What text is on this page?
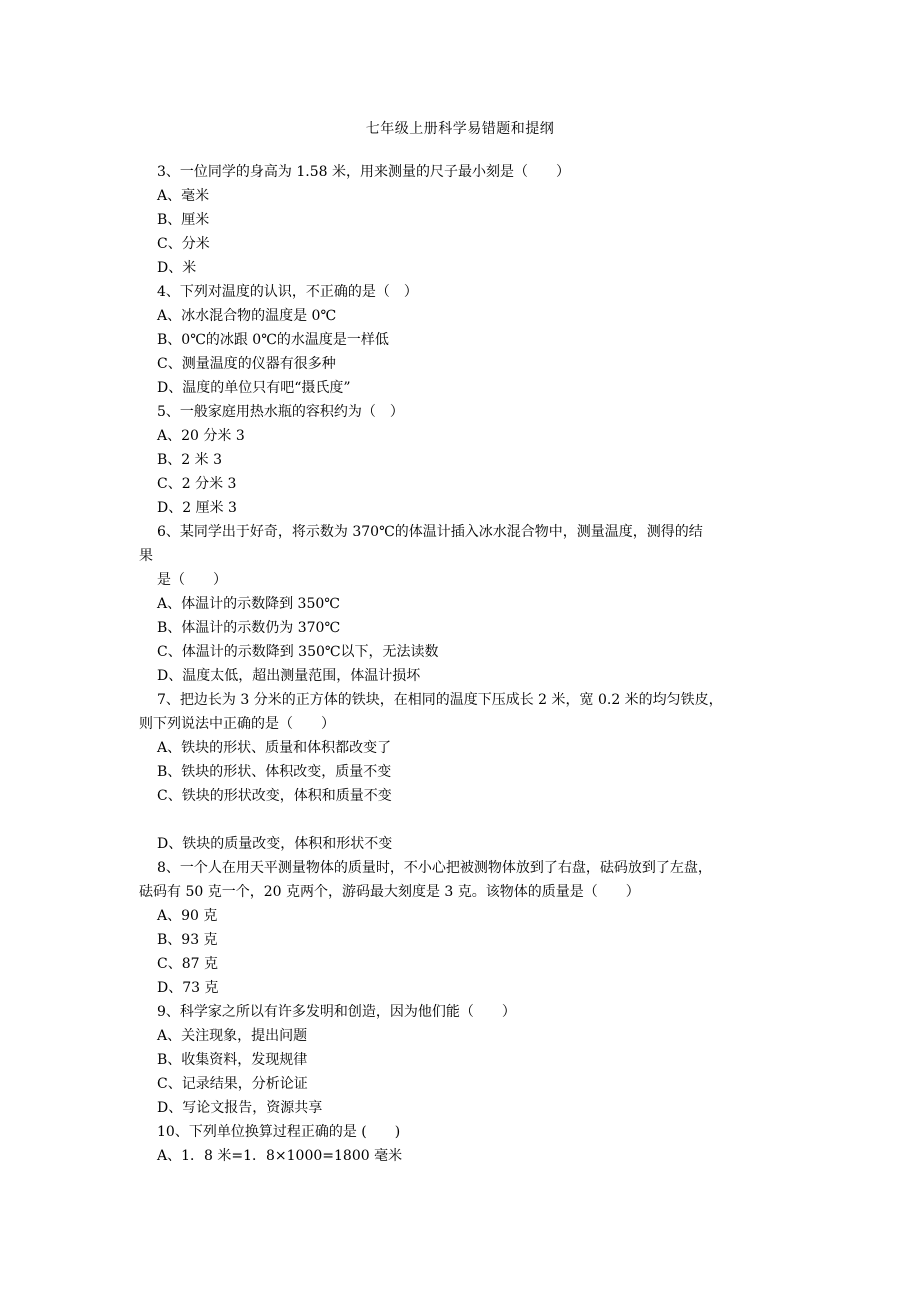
七年级上册科学易错题和提纲
3、一位同学的身高为 1.58 米，用来测量的尺子最小刻是（　　）
A、毫米
B、厘米
C、分米
D、米
4、下列对温度的认识，不正确的是（　）
A、冰水混合物的温度是 0℃
B、0℃的冰跟 0℃的水温度是一样低
C、测量温度的仪器有很多种
D、温度的单位只有吧“摄氏度”
5、一般家庭用热水瓶的容积约为（　）
A、20 分米 3
B、2 米 3
C、2 分米 3
D、2 厘米 3
6、某同学出于好奇，将示数为 370℃的体温计插入冰水混合物中，测量温度，测得的结
果
是（　　）
A、体温计的示数降到 350℃
B、体温计的示数仍为 370℃
C、体温计的示数降到 350℃以下，无法读数
D、温度太低，超出测量范围，体温计损坏
7、把边长为 3 分米的正方体的铁块，在相同的温度下压成长 2 米，宽 0.2 米的均匀铁皮，
则下列说法中正确的是（　　）
A、铁块的形状、质量和体积都改变了
B、铁块的形状、体积改变，质量不变
C、铁块的形状改变，体积和质量不变
D、铁块的质量改变，体积和形状不变
8、一个人在用天平测量物体的质量时，不小心把被测物体放到了右盘，砝码放到了左盘，
砝码有 50 克一个，20 克两个，游码最大刻度是 3 克。该物体的质量是（　　）
A、90 克
B、93 克
C、87 克
D、73 克
9、科学家之所以有许多发明和创造，因为他们能（　　）
A、关注现象，提出问题
B、收集资料，发现规律
C、记录结果，分析论证
D、写论文报告，资源共享
10、下列单位换算过程正确的是 (　　)
A、1．8 米=1．8×1000=1800 毫米
